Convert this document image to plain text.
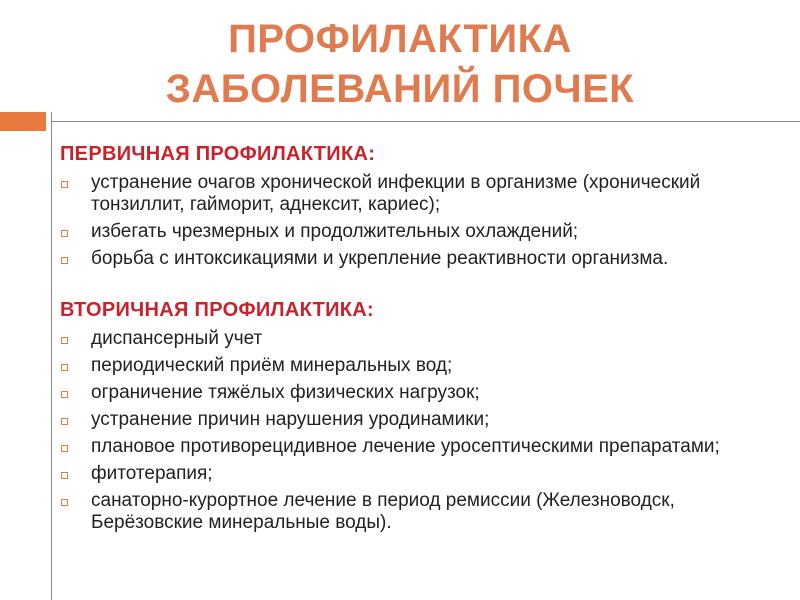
ПРОФИЛАКТИКА
ЗАБОЛЕВАНИЙ ПОЧЕК
ПЕРВИЧНАЯ ПРОФИЛАКТИКА:
устранение очагов хронической инфекции в организме (хронический тонзиллит, гайморит, аднексит, кариес);
избегать чрезмерных и продолжительных охлаждений;
борьба с интоксикациями и укрепление реактивности организма.
ВТОРИЧНАЯ ПРОФИЛАКТИКА:
диспансерный учет
периодический приём минеральных вод;
ограничение тяжёлых физических нагрузок;
устранение причин нарушения уродинамики;
плановое противорецидивное лечение уросептическими препаратами;
фитотерапия;
санаторно-курортное лечение в период ремиссии (Железноводск, Берёзовские минеральные воды).
